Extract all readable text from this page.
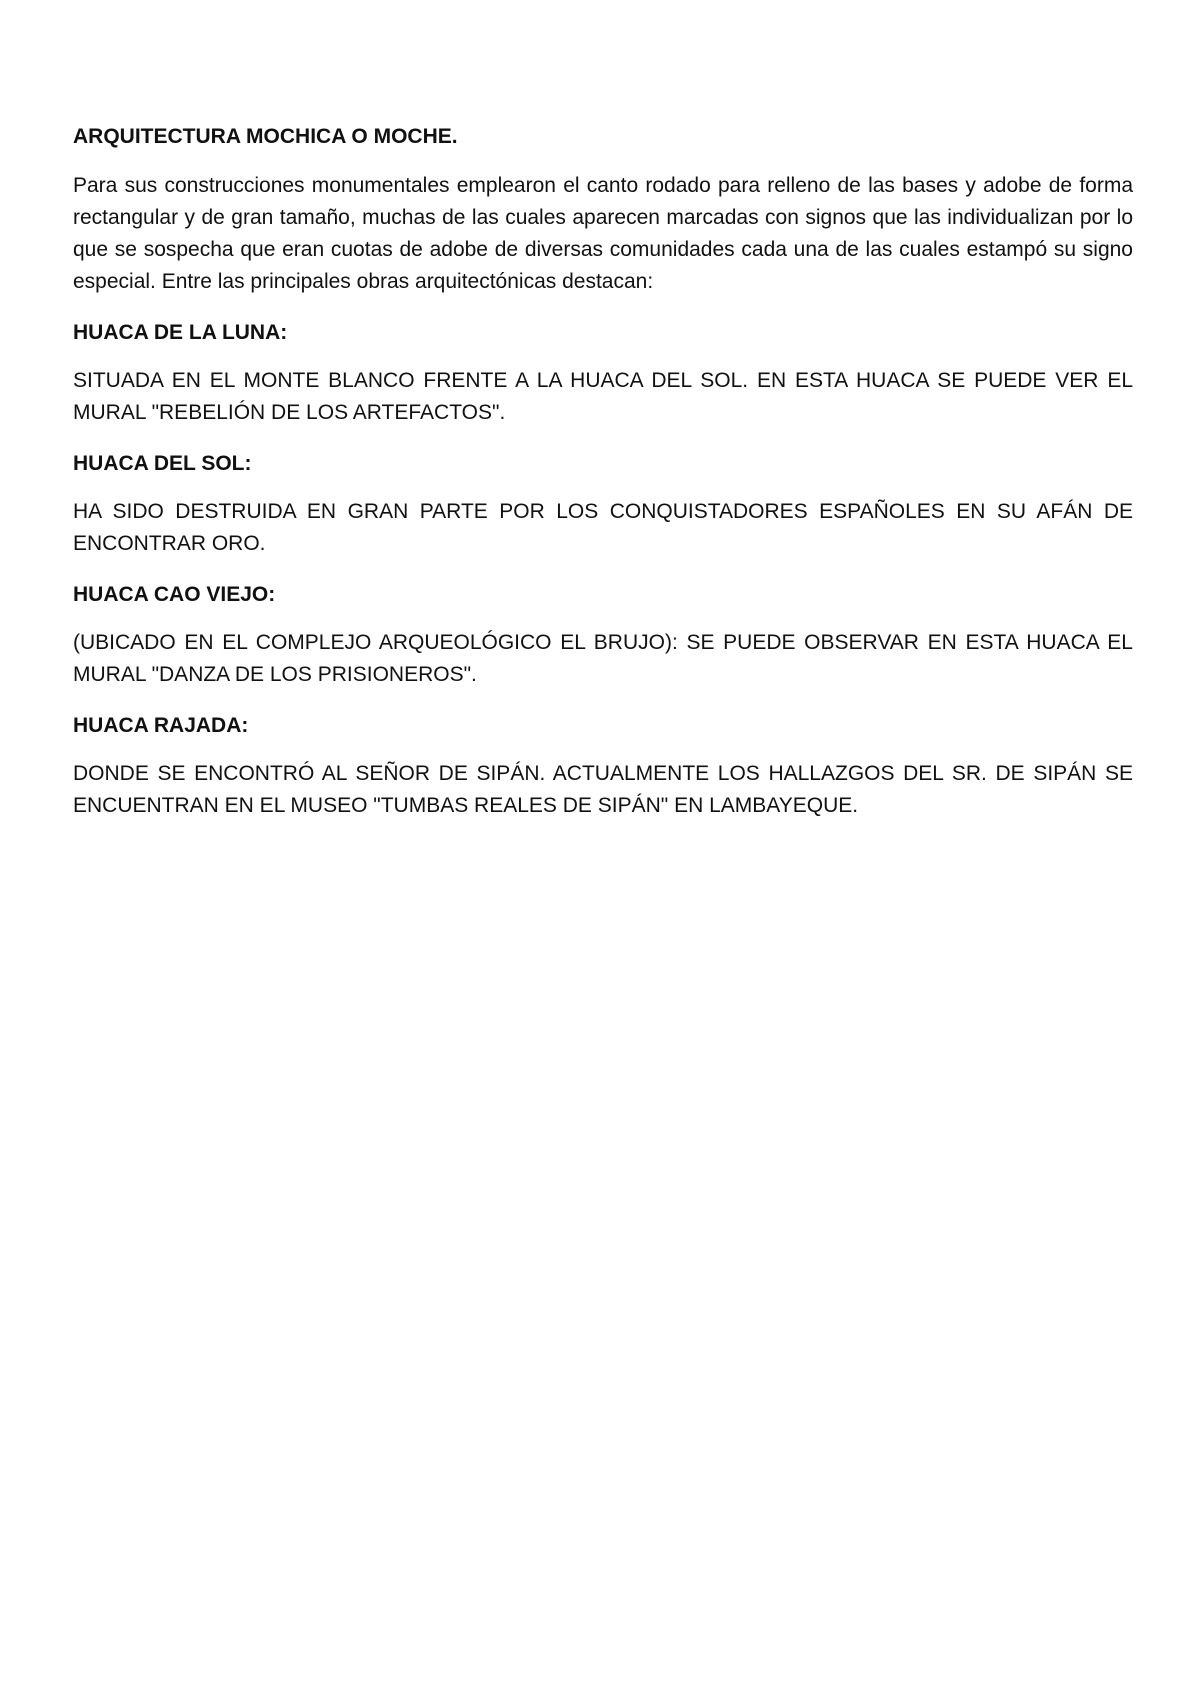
ARQUITECTURA MOCHICA O MOCHE.

Para sus construcciones monumentales emplearon el canto rodado para relleno de las bases y adobe de forma rectangular y de gran tamaño, muchas de las cuales aparecen marcadas con signos que las individualizan por lo que se sospecha que eran cuotas de adobe de diversas comunidades cada una de las cuales estampó su signo especial. Entre las principales obras arquitectónicas destacan:

HUACA DE LA LUNA:

SITUADA EN EL MONTE BLANCO FRENTE A LA HUACA DEL SOL. EN ESTA HUACA SE PUEDE VER EL MURAL "REBELIÓN DE LOS ARTEFACTOS".

HUACA DEL SOL:

HA SIDO DESTRUIDA EN GRAN PARTE POR LOS CONQUISTADORES ESPAÑOLES EN SU AFÁN DE ENCONTRAR ORO.

HUACA CAO VIEJO:

(UBICADO EN EL COMPLEJO ARQUEOLÓGICO EL BRUJO): SE PUEDE OBSERVAR EN ESTA HUACA EL MURAL "DANZA DE LOS PRISIONEROS".

HUACA RAJADA:

DONDE SE ENCONTRÓ AL SEÑOR DE SIPÁN. ACTUALMENTE LOS HALLAZGOS DEL SR. DE SIPÁN SE ENCUENTRAN EN EL MUSEO "TUMBAS REALES DE SIPÁN" EN LAMBAYEQUE.
